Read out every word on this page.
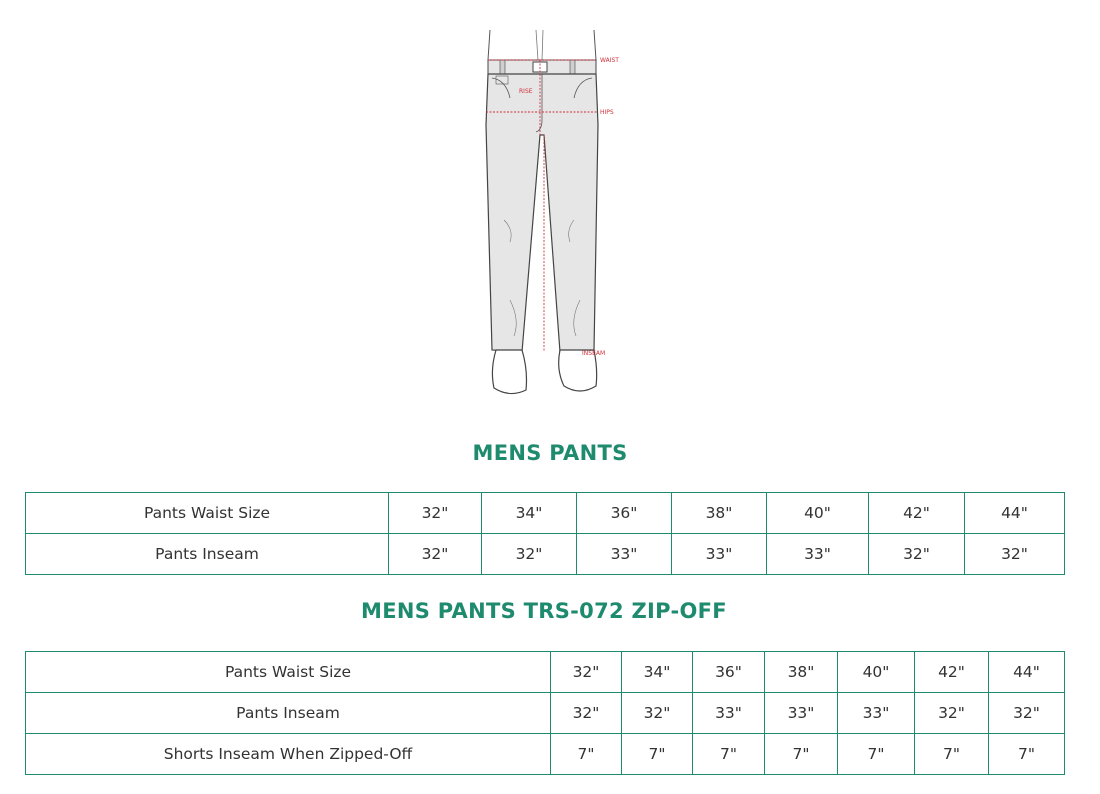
WAIST
RISE
HIPS
INSEAM
MENS PANTS
Pants Waist Size	32"	34"	36"	38"	40"	42"	44"
Pants Inseam	32"	32"	33"	33"	33"	32"	32"
MENS PANTS TRS-072 ZIP-OFF
Pants Waist Size	32"	34"	36"	38"	40"	42"	44"
Pants Inseam	32"	32"	33"	33"	33"	32"	32"
Shorts Inseam When Zipped-Off	7"	7"	7"	7"	7"	7"	7"
